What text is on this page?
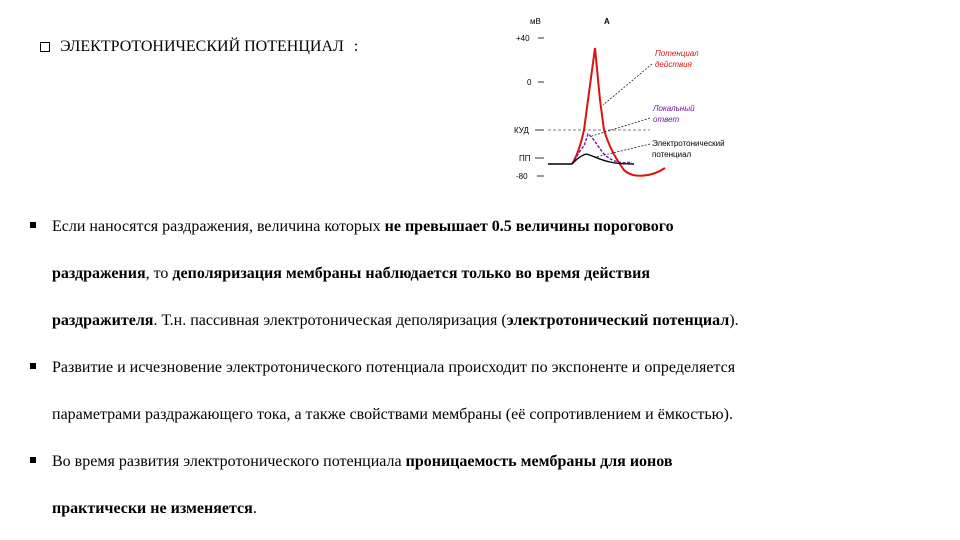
ЭЛЕКТРОТОНИЧЕСКИЙ ПОТЕНЦИАЛ :
мВ	А
+40
0
КУД
ПП
-80
Потенциал
действия
Локальный
ответ
Электротонический
потенциал
Если наносятся раздражения, величина которых не превышает 0.5 величины порогового
раздражения, то деполяризация мембраны наблюдается только во время действия
раздражителя. Т.н. пассивная электротоническая деполяризация (электротонический потенциал).
Развитие и исчезновение электротонического потенциала происходит по экспоненте и определяется
параметрами раздражающего тока, а также свойствами мембраны (её сопротивлением и ёмкостью).
Во время развития электротонического потенциала проницаемость мембраны для ионов
практически не изменяется.
